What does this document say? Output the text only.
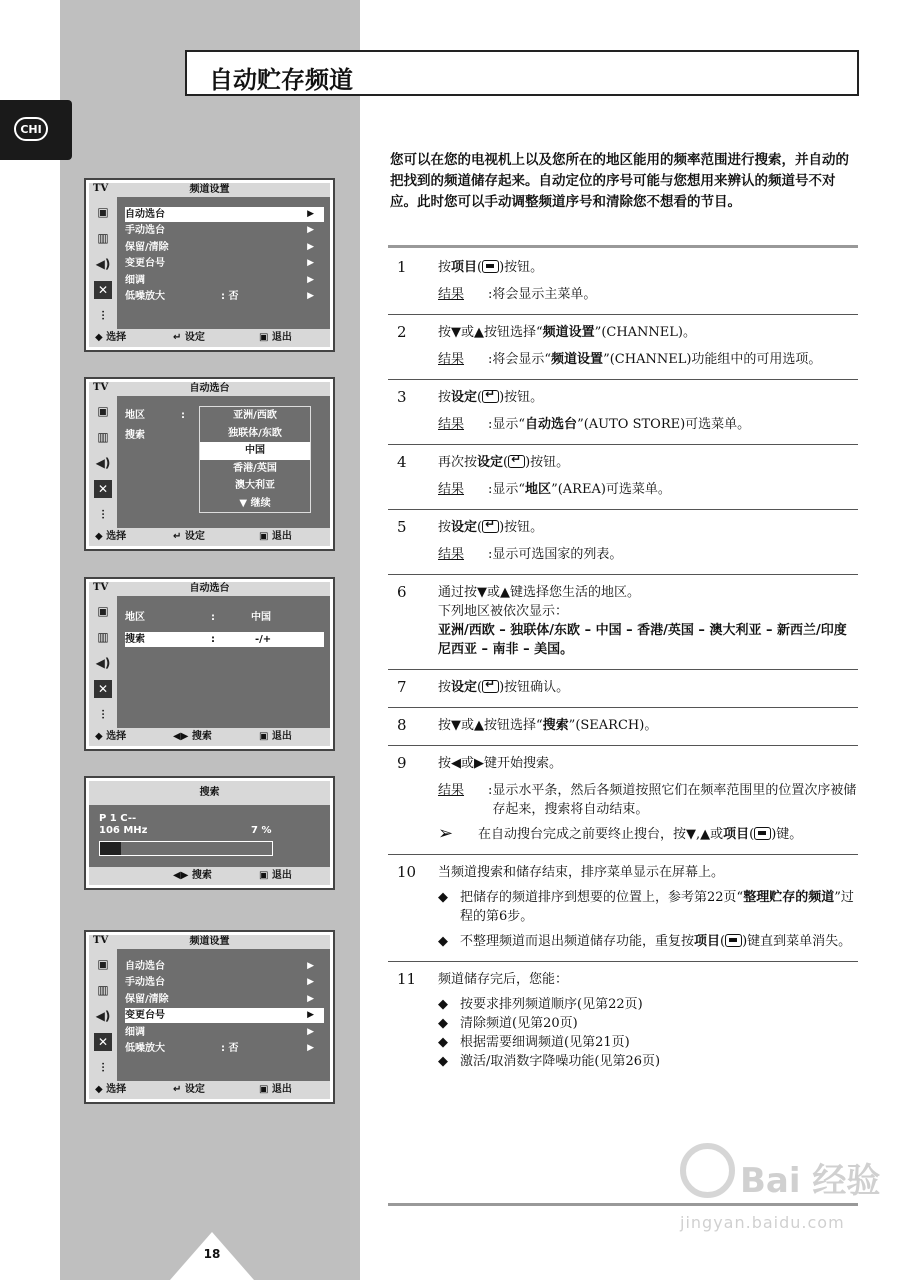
CHI
自动贮存频道
您可以在您的电视机上以及您所在的地区能用的频率范围进行搜索，并自动的把找到的频道储存起来。自动定位的序号可能与您想用来辨认的频道号不对应。此时您可以手动调整频道序号和清除您不想看的节目。
TV	频道设置
▣
▥
◀)
✕
⫶
自动选台	▶
手动选台	▶
保留/清除	▶
变更台号	▶
细调	▶
低噪放大	: 否	▶
◆ 选择	↵ 设定	▣ 退出
TV	自动选台
▣
▥
◀)
✕
⫶
地区	:
搜索
亚洲/西欧
独联体/东欧
中国
香港/英国
澳大利亚
▼ 继续
◆ 选择	↵ 设定	▣ 退出
TV	自动选台
▣
▥
◀)
✕
⫶
地区	:	中国
搜索	:	-/+
◆ 选择	◀▶ 搜索	▣ 退出
搜索
P 1 C--
106 MHz	7 %
◀▶ 搜索	▣ 退出
TV	频道设置
▣
▥
◀)
✕
⫶
自动选台	▶
手动选台	▶
保留/清除	▶
变更台号	▶
细调	▶
低噪放大	: 否	▶
◆ 选择	↵ 设定	▣ 退出
1 按项目( )按钮。
结果	: 将会显示主菜单。
2 按▼或▲按钮选择“频道设置”(CHANNEL)。
结果	: 将会显示“频道设置”(CHANNEL)功能组中的可用选项。
3 按设定( ↵ )按钮。
结果	: 显示“自动选台”(AUTO STORE)可选菜单。
4 再次按设定( ↵ )按钮。
结果	: 显示“地区”(AREA)可选菜单。
5 按设定( ↵ )按钮。
结果	: 显示可选国家的列表。
6 通过按▼或▲键选择您生活的地区。
下列地区被依次显示：
亚洲/西欧 – 独联体/东欧 – 中国 – 香港/英国 – 澳大利亚 – 新西兰/印度尼西亚 – 南非 – 美国。
7 按设定( ↵ )按钮确认。
8 按▼或▲按钮选择“搜索”(SEARCH)。
9 按◀或▶键开始搜索。
结果	: 显示水平条，然后各频道按照它们在频率范围里的位置次序被储存起来，搜索将自动结束。
➢	在自动搜台完成之前要终止搜台，按▼,▲或项目( )键。
10 当频道搜索和储存结束，排序菜单显示在屏幕上。
◆ 把储存的频道排序到想要的位置上，参考第22页“整理贮存的频道”过程的第6步。
◆ 不整理频道而退出频道储存功能，重复按项目( )键直到菜单消失。
11 频道储存完后，您能：
◆ 按要求排列频道顺序(见第22页)
◆ 清除频道(见第20页)
◆ 根据需要细调频道(见第21页)
◆ 激活/取消数字降噪功能(见第26页)
18
Bai 经验
jingyan.baidu.com
